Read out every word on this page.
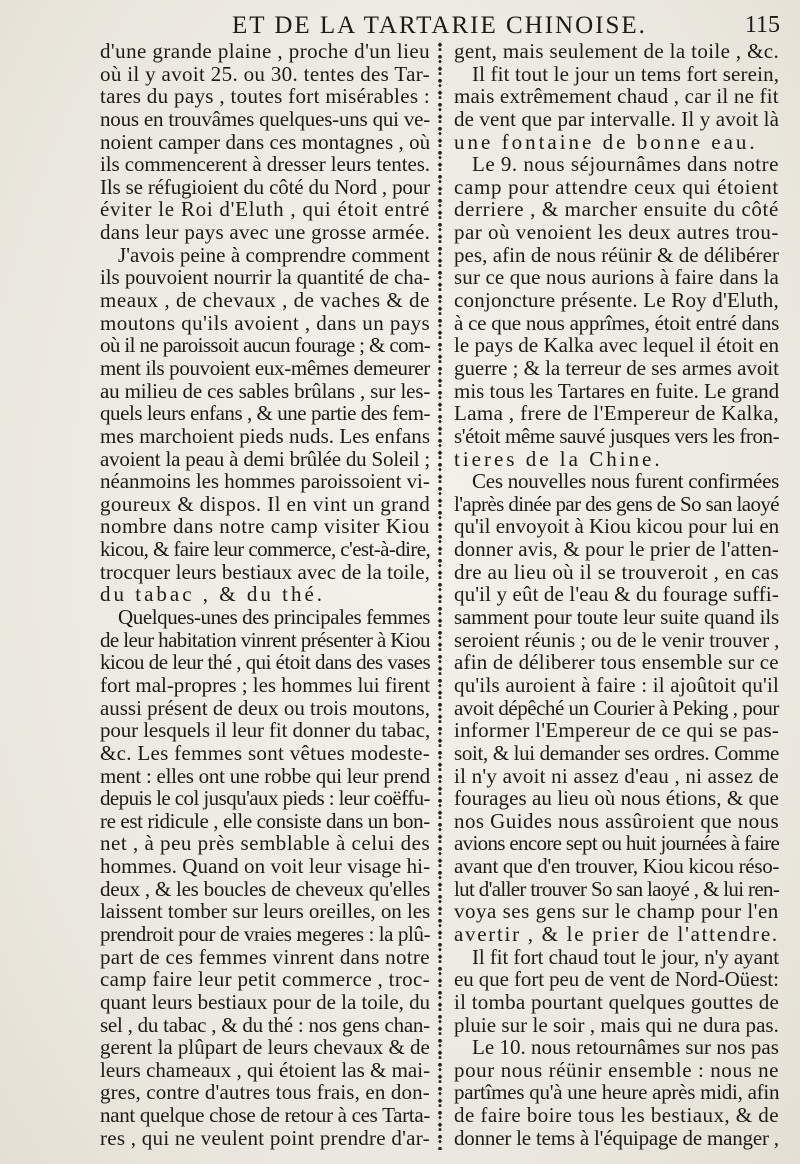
ET DE LA TARTARIE CHINOISE.	115
d'une grande plaine , proche d'un lieu
où il y avoit 25. ou 30. tentes des Tar-
tares du pays , toutes fort misérables :
nous en trouvâmes quelques-uns qui ve-
noient camper dans ces montagnes , où
ils commencerent à dresser leurs tentes.
Ils se réfugioient du côté du Nord , pour
éviter le Roi d'Eluth , qui étoit entré
dans leur pays avec une grosse armée.
J'avois peine à comprendre comment
ils pouvoient nourrir la quantité de cha-
meaux , de chevaux , de vaches & de
moutons qu'ils avoient , dans un pays
où il ne paroissoit aucun fourage ; & com-
ment ils pouvoient eux-mêmes demeurer
au milieu de ces sables brûlans , sur les-
quels leurs enfans , & une partie des fem-
mes marchoient pieds nuds. Les enfans
avoient la peau à demi brûlée du Soleil ;
néanmoins les hommes paroissoient vi-
goureux & dispos. Il en vint un grand
nombre dans notre camp visiter Kiou
kicou, & faire leur commerce, c'est-à-dire,
trocquer leurs bestiaux avec de la toile,
du tabac , & du thé.
Quelques-unes des principales femmes
de leur habitation vinrent présenter à Kiou
kicou de leur thé , qui étoit dans des vases
fort mal-propres ; les hommes lui firent
aussi présent de deux ou trois moutons,
pour lesquels il leur fit donner du tabac,
&c. Les femmes sont vêtues modeste-
ment : elles ont une robbe qui leur prend
depuis le col jusqu'aux pieds : leur coëffu-
re est ridicule , elle consiste dans un bon-
net , à peu près semblable à celui des
hommes. Quand on voit leur visage hi-
deux , & les boucles de cheveux qu'elles
laissent tomber sur leurs oreilles, on les
prendroit pour de vraies megeres : la plû-
part de ces femmes vinrent dans notre
camp faire leur petit commerce , troc-
quant leurs bestiaux pour de la toile, du
sel , du tabac , & du thé : nos gens chan-
gerent la plûpart de leurs chevaux & de
leurs chameaux , qui étoient las & mai-
gres, contre d'autres tous frais, en don-
nant quelque chose de retour à ces Tarta-
res , qui ne veulent point prendre d'ar-
gent, mais seulement de la toile , &c.
Il fit tout le jour un tems fort serein,
mais extrêmement chaud , car il ne fit
de vent que par intervalle. Il y avoit là
une fontaine de bonne eau.
Le 9. nous séjournâmes dans notre
camp pour attendre ceux qui étoient
derriere , & marcher ensuite du côté
par où venoient les deux autres trou-
pes, afin de nous réünir & de délibérer
sur ce que nous aurions à faire dans la
conjoncture présente. Le Roy d'Eluth,
à ce que nous apprîmes, étoit entré dans
le pays de Kalka avec lequel il étoit en
guerre ; & la terreur de ses armes avoit
mis tous les Tartares en fuite. Le grand
Lama , frere de l'Empereur de Kalka,
s'étoit même sauvé jusques vers les fron-
tieres de la Chine.
Ces nouvelles nous furent confirmées
l'après dinée par des gens de So san laoyé
qu'il envoyoit à Kiou kicou pour lui en
donner avis, & pour le prier de l'atten-
dre au lieu où il se trouveroit , en cas
qu'il y eût de l'eau & du fourage suffi-
samment pour toute leur suite quand ils
seroient réunis ; ou de le venir trouver ,
afin de déliberer tous ensemble sur ce
qu'ils auroient à faire : il ajoûtoit qu'il
avoit dépêché un Courier à Peking , pour
informer l'Empereur de ce qui se pas-
soit, & lui demander ses ordres. Comme
il n'y avoit ni assez d'eau , ni assez de
fourages au lieu où nous étions, & que
nos Guides nous assûroient que nous
avions encore sept ou huit journées à faire
avant que d'en trouver, Kiou kicou réso-
lut d'aller trouver So san laoyé , & lui ren-
voya ses gens sur le champ pour l'en
avertir , & le prier de l'attendre.
Il fit fort chaud tout le jour, n'y ayant
eu que fort peu de vent de Nord-Oüest:
il tomba pourtant quelques gouttes de
pluie sur le soir , mais qui ne dura pas.
Le 10. nous retournâmes sur nos pas
pour nous réünir ensemble : nous ne
partîmes qu'à une heure après midi, afin
de faire boire tous les bestiaux, & de
donner le tems à l'équipage de manger ,
